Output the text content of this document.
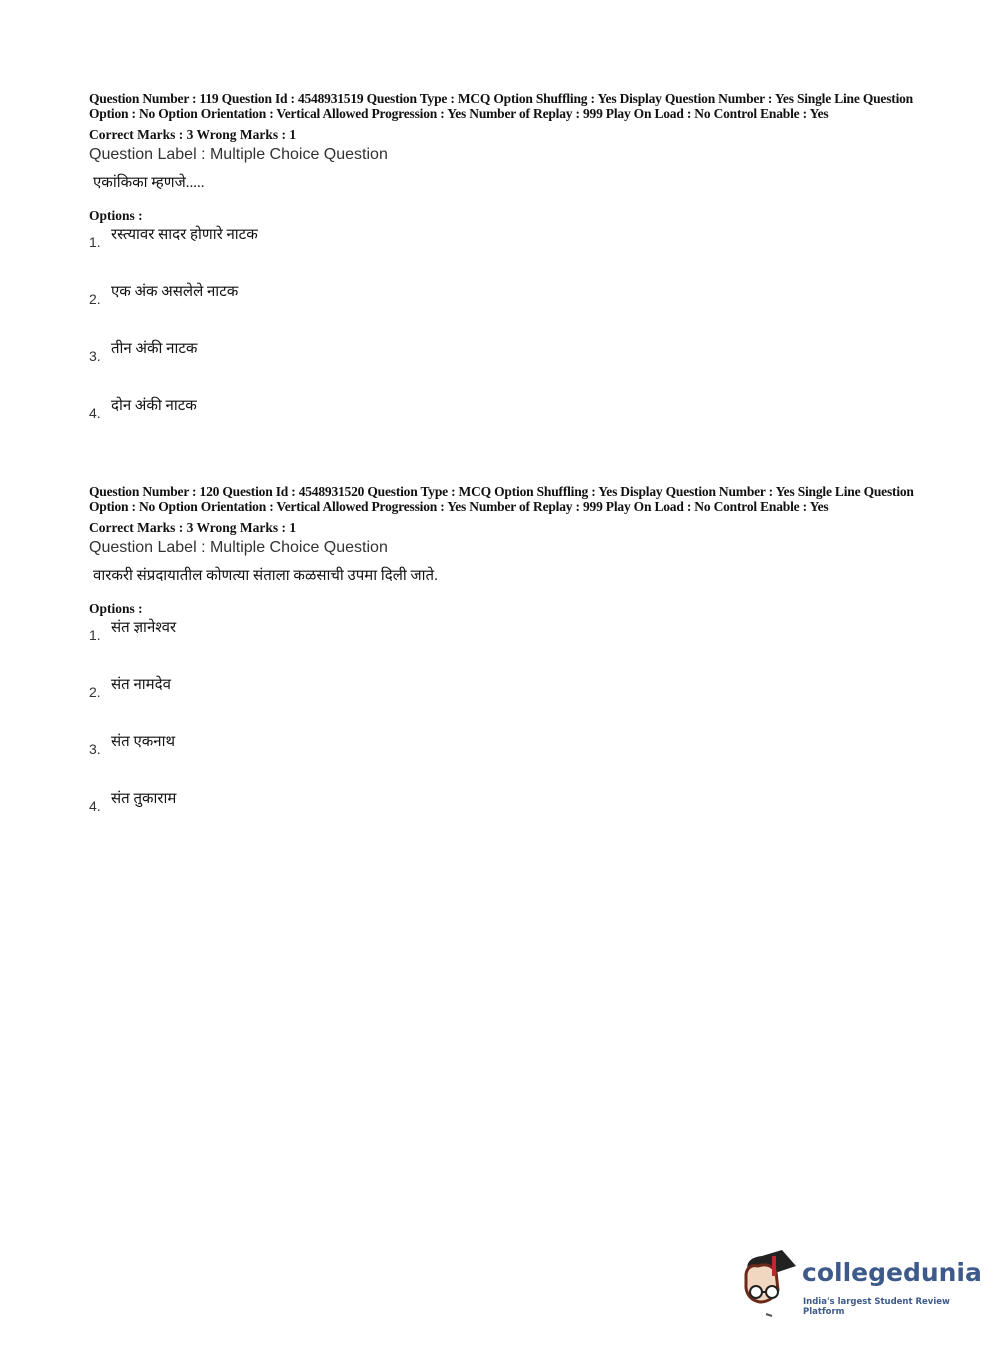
Question Number : 119 Question Id : 4548931519 Question Type : MCQ Option Shuffling : Yes Display Question Number : Yes Single Line Question Option : No Option Orientation : Vertical Allowed Progression : Yes Number of Replay : 999 Play On Load : No Control Enable : Yes
Correct Marks : 3 Wrong Marks : 1
Question Label : Multiple Choice Question
एकांकिका म्हणजे.....
Options :
1. रस्त्यावर सादर होणारे नाटक
2. एक अंक असलेले नाटक
3. तीन अंकी नाटक
4. दोन अंकी नाटक
Question Number : 120 Question Id : 4548931520 Question Type : MCQ Option Shuffling : Yes Display Question Number : Yes Single Line Question Option : No Option Orientation : Vertical Allowed Progression : Yes Number of Replay : 999 Play On Load : No Control Enable : Yes
Correct Marks : 3 Wrong Marks : 1
Question Label : Multiple Choice Question
वारकरी संप्रदायातील कोणत्या संताला कळसाची उपमा दिली जाते.
Options :
1. संत ज्ञानेश्वर
2. संत नामदेव
3. संत एकनाथ
4. संत तुकाराम
collegedunia
India's largest Student Review Platform
